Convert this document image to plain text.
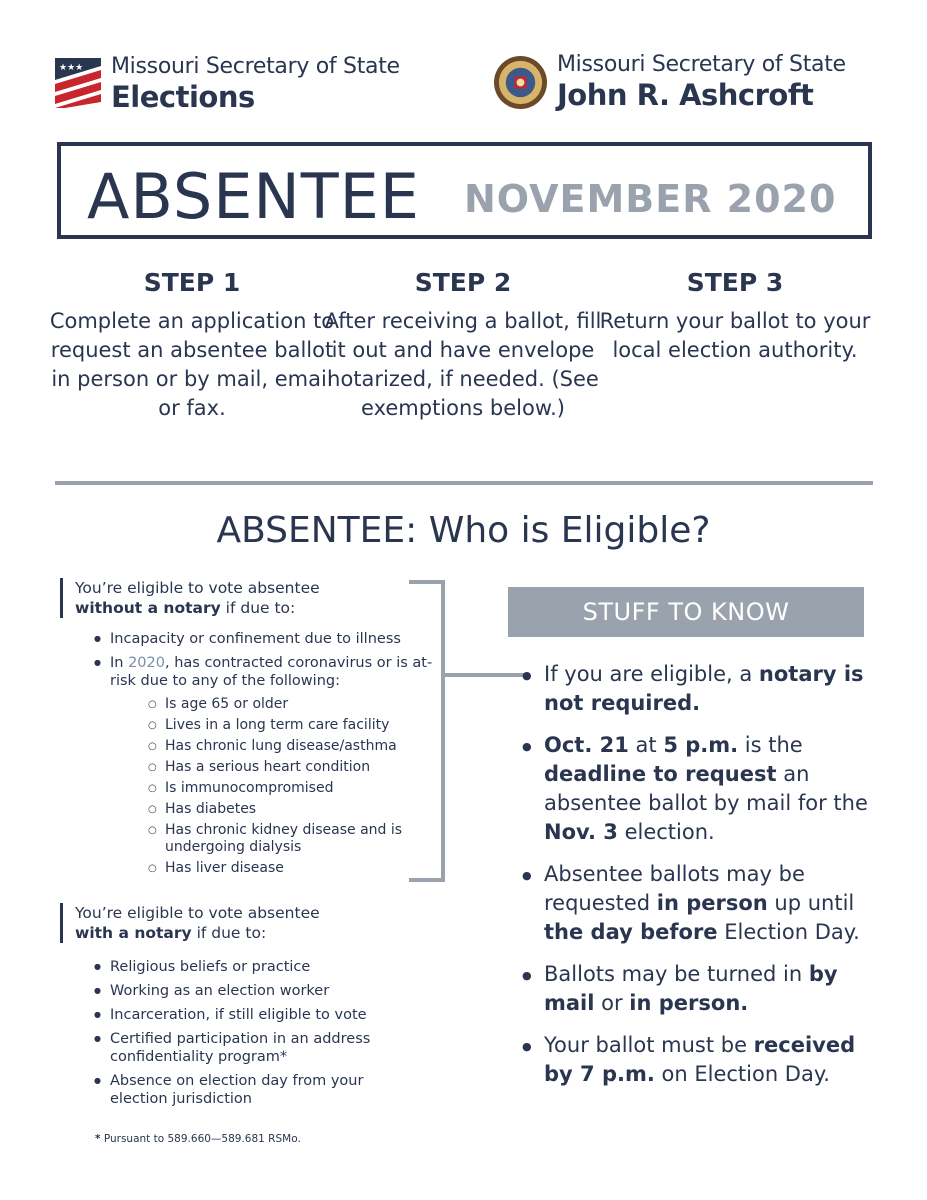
★★★ Missouri Secretary of State
Elections
Missouri Secretary of State
John R. Ashcroft
ABSENTEE NOVEMBER 2020
STEP 1

Complete an application to request an absentee ballot in person or by mail, email or fax.

STEP 2

After receiving a ballot, fill it out and have envelope notarized, if needed. (See exemptions below.)

STEP 3

Return your ballot to your local election authority.

ABSENTEE: Who is Eligible?
You’re eligible to vote absentee
without a notary if due to:
● Incapacity or confinement due to illness
● In 2020, has contracted coronavirus or is at-risk due to any of the following:
○ Is age 65 or older
○ Lives in a long term care facility
○ Has chronic lung disease/asthma
○ Has a serious heart condition
○ Is immunocompromised
○ Has diabetes
○ Has chronic kidney disease and is undergoing dialysis
○ Has liver disease
You’re eligible to vote absentee
with a notary if due to:
● Religious beliefs or practice
● Working as an election worker
● Incarceration, if still eligible to vote
● Certified participation in an address confidentiality program*
● Absence on election day from your election jurisdiction
* Pursuant to 589.660—589.681 RSMo.
STUFF TO KNOW
● If you are eligible, a notary is not required.
● Oct. 21 at 5 p.m. is the deadline to request an absentee ballot by mail for the Nov. 3 election.
● Absentee ballots may be requested in person up until the day before Election Day.
● Ballots may be turned in by mail or in person.
● Your ballot must be received by 7 p.m. on Election Day.
